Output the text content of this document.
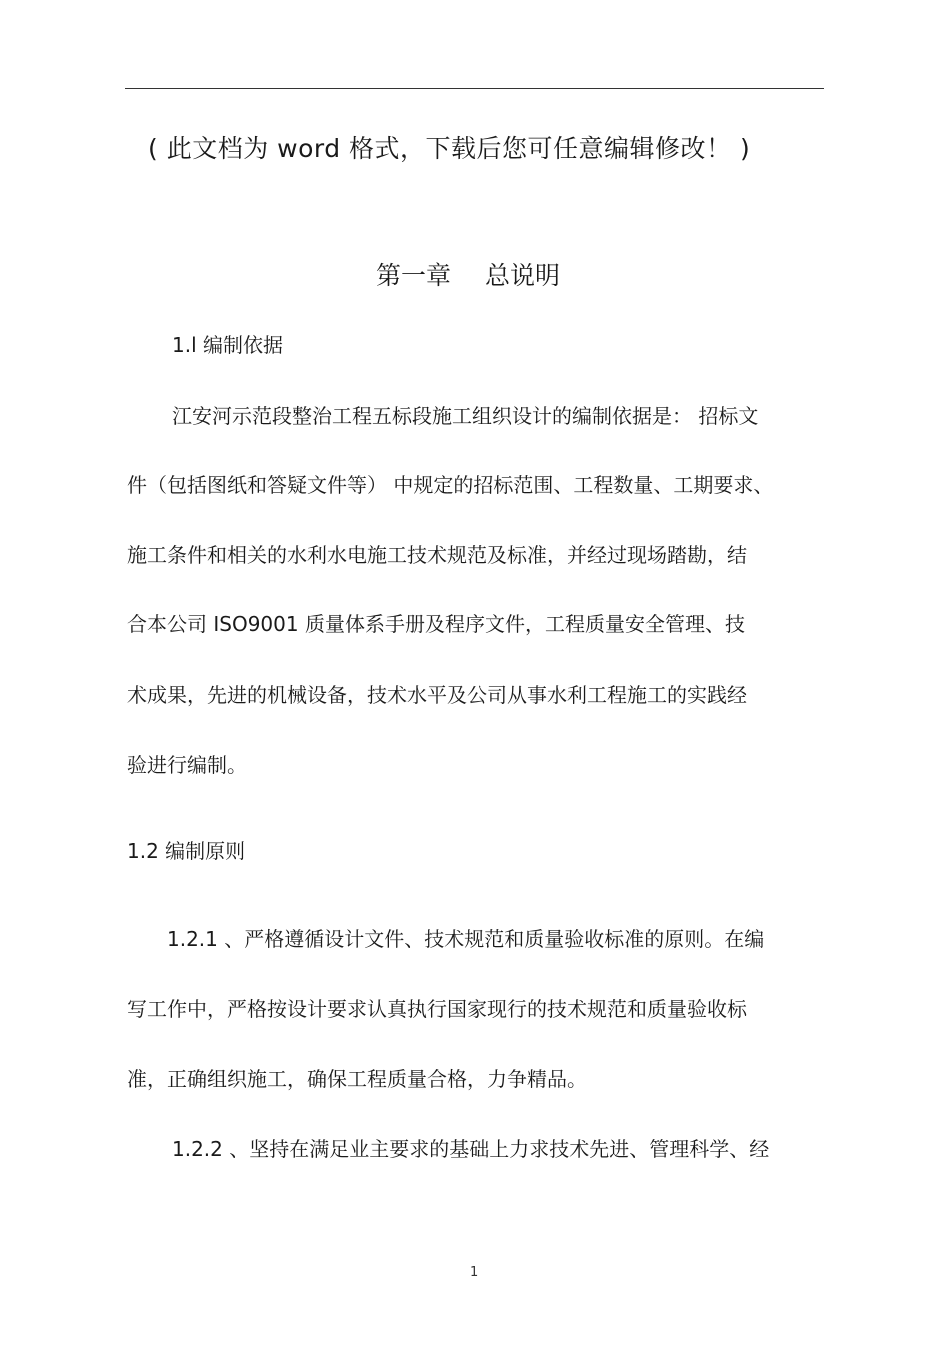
( 此文档为 word 格式，下载后您可任意编辑修改！ )
第一章 总说明
1.l 编制依据
江安河示范段整治工程五标段施工组织设计的编制依据是： 招标文
件（包括图纸和答疑文件等） 中规定的招标范围、工程数量、工期要求、
施工条件和相关的水利水电施工技术规范及标准，并经过现场踏勘，结
合本公司 ISO9001 质量体系手册及程序文件，工程质量安全管理、技
术成果，先进的机械设备，技术水平及公司从事水利工程施工的实践经
验进行编制。
1.2 编制原则
1.2.1 、严格遵循设计文件、技术规范和质量验收标准的原则。在编
写工作中，严格按设计要求认真执行国家现行的技术规范和质量验收标
准，正确组织施工，确保工程质量合格，力争精品。
1.2.2 、坚持在满足业主要求的基础上力求技术先进、管理科学、经
1
